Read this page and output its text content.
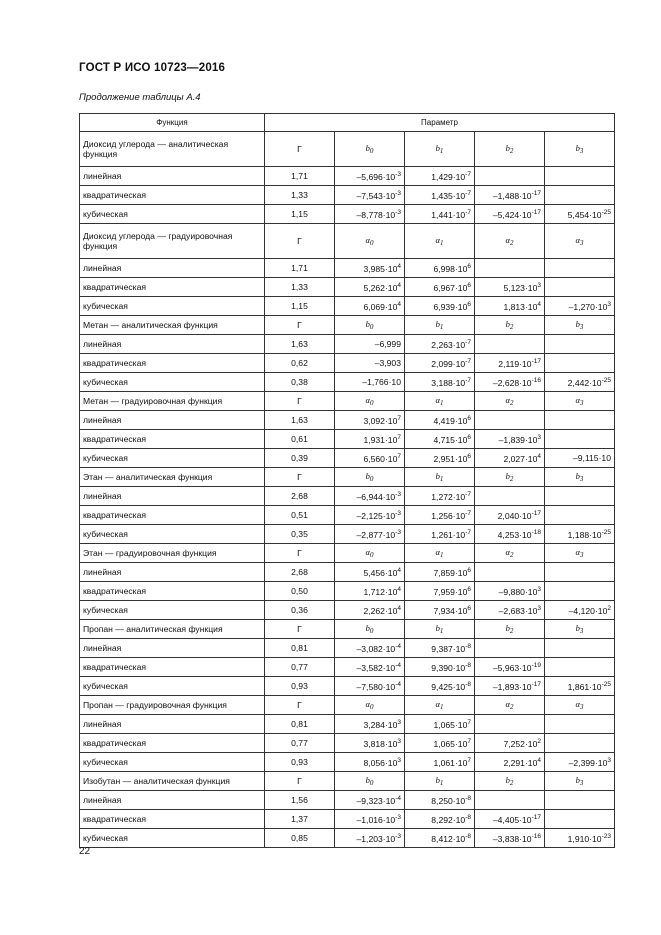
ГОСТ Р ИСО 10723—2016
Продолжение таблицы А.4
Функция	Параметр				
Диоксид углерода — аналитическая функция	Г	$b_0$	$b_1$	$b_2$	$b_3$
линейная	1,71	$-5,696\cdot 10^{-3}$	$1,429\cdot 10^{-7}$		
квадратическая	1,33	$-7,543\cdot 10^{-3}$	$1,435\cdot 10^{-7}$	$-1,488\cdot 10^{-17}$	
кубическая	1,15	$-8,778\cdot 10^{-3}$	$1,441\cdot 10^{-7}$	$-5,424\cdot 10^{-17}$	$5,454\cdot 10^{-25}$
Диоксид углерода — градуировочная функция	Г	$\alpha_0$	$\alpha_1$	$\alpha_2$	$\alpha_3$
линейная	1,71	$3,985\cdot 10^4$	$6,998\cdot 10^6$		
квадратическая	1,33	$5,262\cdot 10^4$	$6,967\cdot 10^6$	$5,123\cdot 10^3$	
кубическая	1,15	$6,069\cdot 10^4$	$6,939\cdot 10^6$	$1,813\cdot 10^4$	$-1,270\cdot 10^3$
Метан — аналитическая функция	Г	$b_0$	$b_1$	$b_2$	$b_3$
линейная	1,63	–6,999	$2,263\cdot 10^{-7}$		
квадратическая	0,62	–3,903	$2,099\cdot 10^{-7}$	$2,119\cdot 10^{-17}$	
кубическая	0,38	–1,766·10	$3,188\cdot 10^{-7}$	$-2,628\cdot 10^{-16}$	$2,442\cdot 10^{-25}$
Метан — градуировочная функция	Г	$\alpha_0$	$\alpha_1$	$\alpha_2$	$\alpha_3$
линейная	1,63	$3,092\cdot 10^7$	$4,419\cdot 10^6$		
квадратическая	0,61	$1,931\cdot 10^7$	$4,715\cdot 10^6$	$-1,839\cdot 10^3$	
кубическая	0,39	$6,560\cdot 10^7$	$2,951\cdot 10^6$	$2,027\cdot 10^4$	–9,115·10
Этан — аналитическая функция	Г	$b_0$	$b_1$	$b_2$	$b_3$
линейная	2,68	$-6,944\cdot 10^{-3}$	$1,272\cdot 10^{-7}$		
квадратическая	0,51	$-2,125\cdot 10^{-3}$	$1,256\cdot 10^{-7}$	$2,040\cdot 10^{-17}$	
кубическая	0,35	$-2,877\cdot 10^{-3}$	$1,261\cdot 10^{-7}$	$4,253\cdot 10^{-18}$	$1,188\cdot 10^{-25}$
Этан — градуировочная функция	Г	$\alpha_0$	$\alpha_1$	$\alpha_2$	$\alpha_3$
линейная	2,68	$5,456\cdot 10^4$	$7,859\cdot 10^6$		
квадратическая	0,50	$1,712\cdot 10^4$	$7,959\cdot 10^6$	$-9,880\cdot 10^3$	
кубическая	0,36	$2,262\cdot 10^4$	$7,934\cdot 10^6$	$-2,683\cdot 10^3$	$-4,120\cdot 10^2$
Пропан — аналитическая функция	Г	$b_0$	$b_1$	$b_2$	$b_3$
линейная	0,81	$-3,082\cdot 10^{-4}$	$9,387\cdot 10^{-8}$		
квадратическая	0,77	$-3,582\cdot 10^{-4}$	$9,390\cdot 10^{-8}$	$-5,963\cdot 10^{-19}$	
кубическая	0,93	$-7,580\cdot 10^{-4}$	$9,425\cdot 10^{-8}$	$-1,893\cdot 10^{-17}$	$1,861\cdot 10^{-25}$
Пропан — градуировочная функция	Г	$\alpha_0$	$\alpha_1$	$\alpha_2$	$\alpha_3$
линейная	0,81	$3,284\cdot 10^3$	$1,065\cdot 10^7$		
квадратическая	0,77	$3,818\cdot 10^3$	$1,065\cdot 10^7$	$7,252\cdot 10^2$	
кубическая	0,93	$8,056\cdot 10^3$	$1,061\cdot 10^7$	$2,291\cdot 10^4$	$-2,399\cdot 10^3$
Изобутан — аналитическая функция	Г	$b_0$	$b_1$	$b_2$	$b_3$
линейная	1,56	$-9,323\cdot 10^{-4}$	$8,250\cdot 10^{-8}$		
квадратическая	1,37	$-1,016\cdot 10^{-3}$	$8,292\cdot 10^{-8}$	$-4,405\cdot 10^{-17}$	
кубическая	0,85	$-1,203\cdot 10^{-3}$	$8,412\cdot 10^{-8}$	$-3,838\cdot 10^{-16}$	$1,910\cdot 10^{-23}$
22
